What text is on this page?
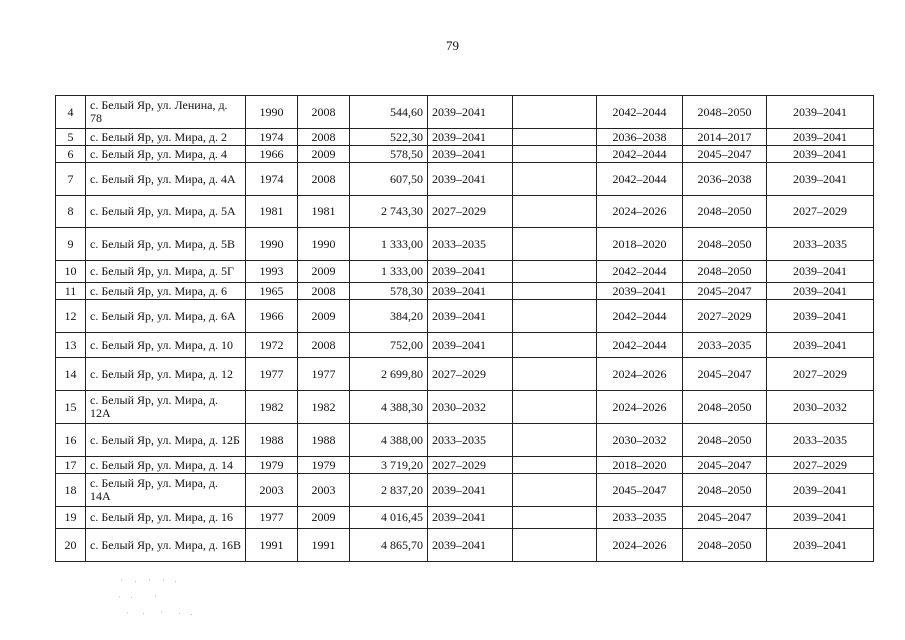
79
4	с. Белый Яр, ул. Ленина, д. 78	1990	2008	544,60	2039–2041		2042–2044	2048–2050	2039–2041
5	с. Белый Яр, ул. Мира, д. 2	1974	2008	522,30	2039–2041		2036–2038	2014–2017	2039–2041
6	с. Белый Яр, ул. Мира, д. 4	1966	2009	578,50	2039–2041		2042–2044	2045–2047	2039–2041
7	с. Белый Яр, ул. Мира, д. 4А	1974	2008	607,50	2039–2041		2042–2044	2036–2038	2039–2041
8	с. Белый Яр, ул. Мира, д. 5А	1981	1981	2 743,30	2027–2029		2024–2026	2048–2050	2027–2029
9	с. Белый Яр, ул. Мира, д. 5В	1990	1990	1 333,00	2033–2035		2018–2020	2048–2050	2033–2035
10	с. Белый Яр, ул. Мира, д. 5Г	1993	2009	1 333,00	2039–2041		2042–2044	2048–2050	2039–2041
11	с. Белый Яр, ул. Мира, д. 6	1965	2008	578,30	2039–2041		2039–2041	2045–2047	2039–2041
12	с. Белый Яр, ул. Мира, д. 6А	1966	2009	384,20	2039–2041		2042–2044	2027–2029	2039–2041
13	с. Белый Яр, ул. Мира, д. 10	1972	2008	752,00	2039–2041		2042–2044	2033–2035	2039–2041
14	с. Белый Яр, ул. Мира, д. 12	1977	1977	2 699,80	2027–2029		2024–2026	2045–2047	2027–2029
15	с. Белый Яр, ул. Мира, д. 12А	1982	1982	4 388,30	2030–2032		2024–2026	2048–2050	2030–2032
16	с. Белый Яр, ул. Мира, д. 12Б	1988	1988	4 388,00	2033–2035		2030–2032	2048–2050	2033–2035
17	с. Белый Яр, ул. Мира, д. 14	1979	1979	3 719,20	2027–2029		2018–2020	2045–2047	2027–2029
18	с. Белый Яр, ул. Мира, д. 14А	2003	2003	2 837,20	2039–2041		2045–2047	2048–2050	2039–2041
19	с. Белый Яр, ул. Мира, д. 16	1977	2009	4 016,45	2039–2041		2033–2035	2045–2047	2039–2041
20	с. Белый Яр, ул. Мира, д. 16В	1991	1991	4 865,70	2039–2041		2024–2026	2048–2050	2039–2041
